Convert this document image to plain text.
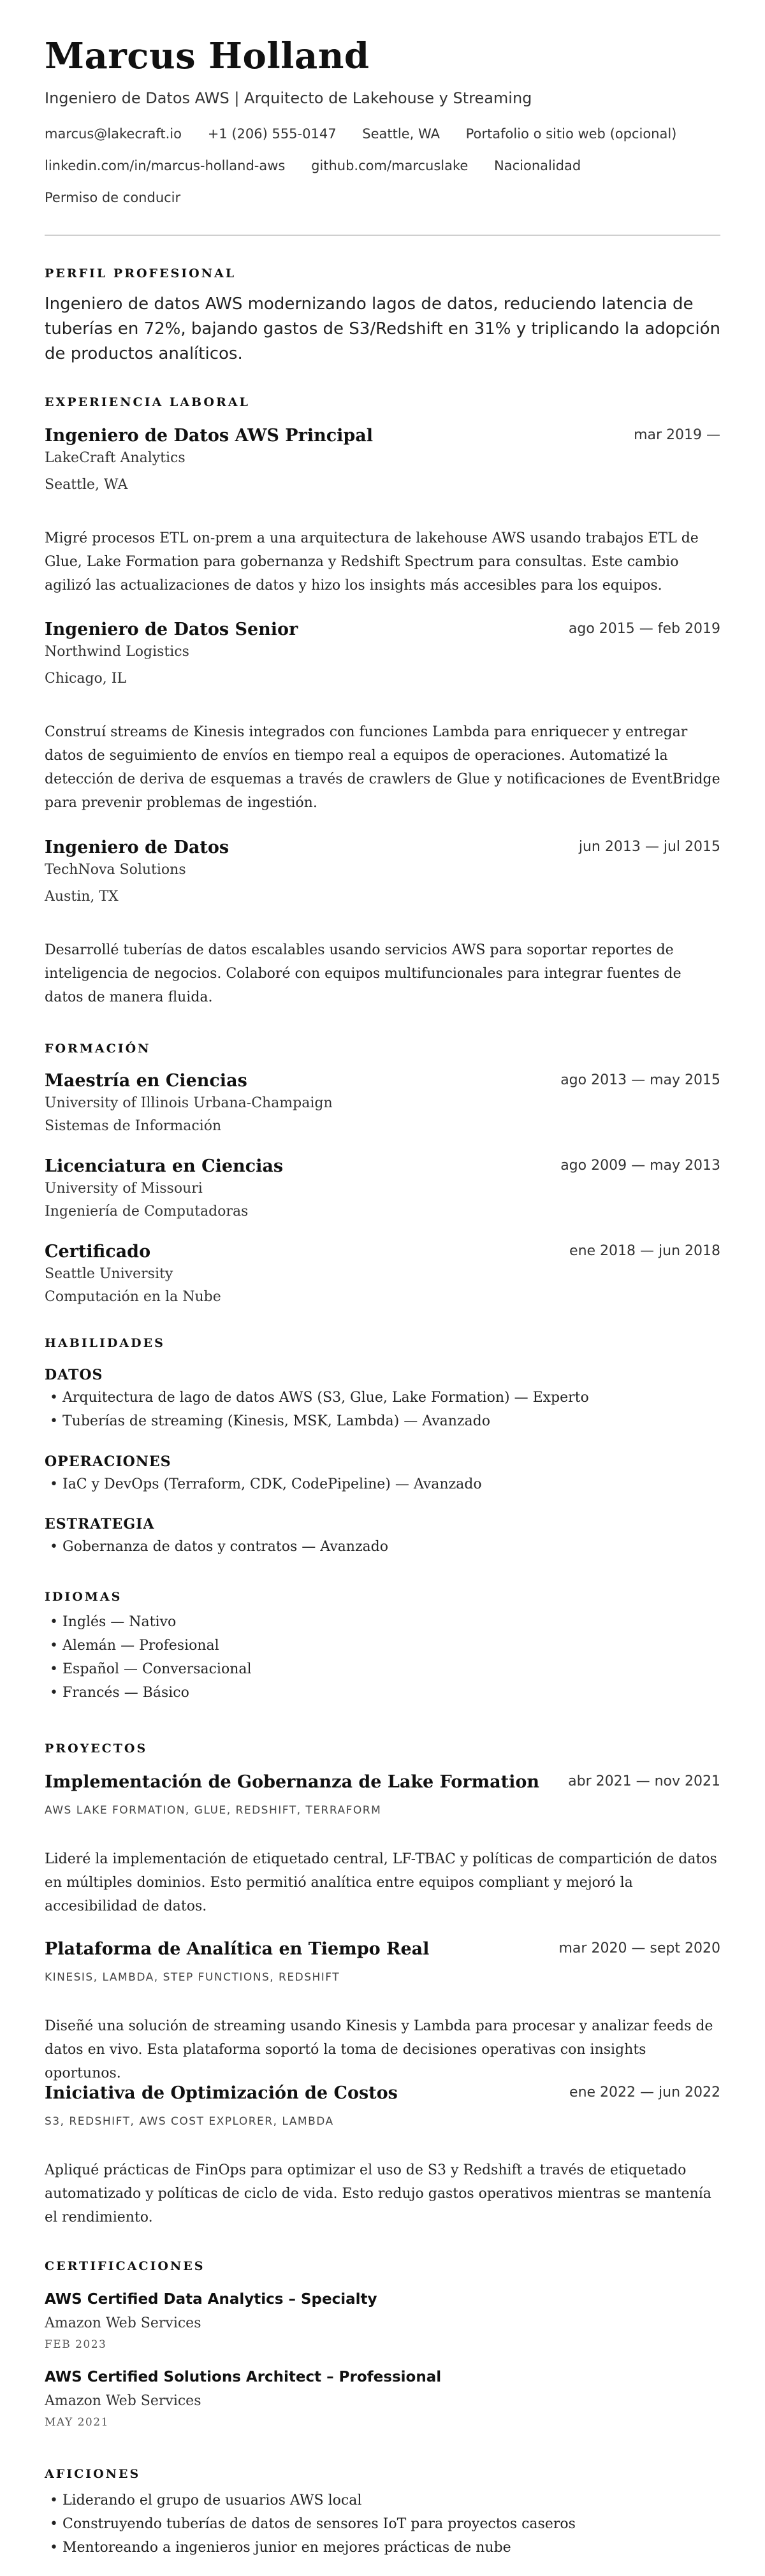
Marcus Holland
Ingeniero de Datos AWS | Arquitecto de Lakehouse y Streaming
marcus@lakecraft.io +1 (206) 555-0147 Seattle, WA Portafolio o sitio web (opcional)
linkedin.com/in/marcus-holland-aws github.com/marcuslake Nacionalidad
Permiso de conducir
PERFIL PROFESIONAL
Ingeniero de datos AWS modernizando lagos de datos, reduciendo latencia de tuberías en 72%, bajando gastos de S3/Redshift en 31% y triplicando la adopción de productos analíticos.
EXPERIENCIA LABORAL
Ingeniero de Datos AWS Principal	mar 2019 —
LakeCraft Analytics
Seattle, WA
Migré procesos ETL on-prem a una arquitectura de lakehouse AWS usando trabajos ETL de Glue, Lake Formation para gobernanza y Redshift Spectrum para consultas. Este cambio agilizó las actualizaciones de datos y hizo los insights más accesibles para los equipos.
Ingeniero de Datos Senior	ago 2015 — feb 2019
Northwind Logistics
Chicago, IL
Construí streams de Kinesis integrados con funciones Lambda para enriquecer y entregar datos de seguimiento de envíos en tiempo real a equipos de operaciones. Automatizé la detección de deriva de esquemas a través de crawlers de Glue y notificaciones de EventBridge para prevenir problemas de ingestión.
Ingeniero de Datos	jun 2013 — jul 2015
TechNova Solutions
Austin, TX
Desarrollé tuberías de datos escalables usando servicios AWS para soportar reportes de inteligencia de negocios. Colaboré con equipos multifuncionales para integrar fuentes de datos de manera fluida.
FORMACIÓN
Maestría en Ciencias	ago 2013 — may 2015
University of Illinois Urbana-Champaign
Sistemas de Información
Licenciatura en Ciencias	ago 2009 — may 2013
University of Missouri
Ingeniería de Computadoras
Certificado	ene 2018 — jun 2018
Seattle University
Computación en la Nube
HABILIDADES
DATOS
• Arquitectura de lago de datos AWS (S3, Glue, Lake Formation) — Experto
• Tuberías de streaming (Kinesis, MSK, Lambda) — Avanzado
OPERACIONES
• IaC y DevOps (Terraform, CDK, CodePipeline) — Avanzado
ESTRATEGIA
• Gobernanza de datos y contratos — Avanzado
IDIOMAS
• Inglés — Nativo
• Alemán — Profesional
• Español — Conversacional
• Francés — Básico
PROYECTOS
Implementación de Gobernanza de Lake Formation abr 2021 — nov 2021
AWS LAKE FORMATION, GLUE, REDSHIFT, TERRAFORM
Lideré la implementación de etiquetado central, LF-TBAC y políticas de compartición de datos en múltiples dominios. Esto permitió analítica entre equipos compliant y mejoró la accesibilidad de datos.
Plataforma de Analítica en Tiempo Real	mar 2020 — sept 2020
KINESIS, LAMBDA, STEP FUNCTIONS, REDSHIFT
Diseñé una solución de streaming usando Kinesis y Lambda para procesar y analizar feeds de datos en vivo. Esta plataforma soportó la toma de decisiones operativas con insights oportunos.
Iniciativa de Optimización de Costos	ene 2022 — jun 2022
S3, REDSHIFT, AWS COST EXPLORER, LAMBDA
Apliqué prácticas de FinOps para optimizar el uso de S3 y Redshift a través de etiquetado automatizado y políticas de ciclo de vida. Esto redujo gastos operativos mientras se mantenía el rendimiento.
CERTIFICACIONES
AWS Certified Data Analytics – Specialty
Amazon Web Services
FEB 2023
AWS Certified Solutions Architect – Professional
Amazon Web Services
MAY 2021
AFICIONES
• Liderando el grupo de usuarios AWS local
• Construyendo tuberías de datos de sensores IoT para proyectos caseros
• Mentoreando a ingenieros junior en mejores prácticas de nube
